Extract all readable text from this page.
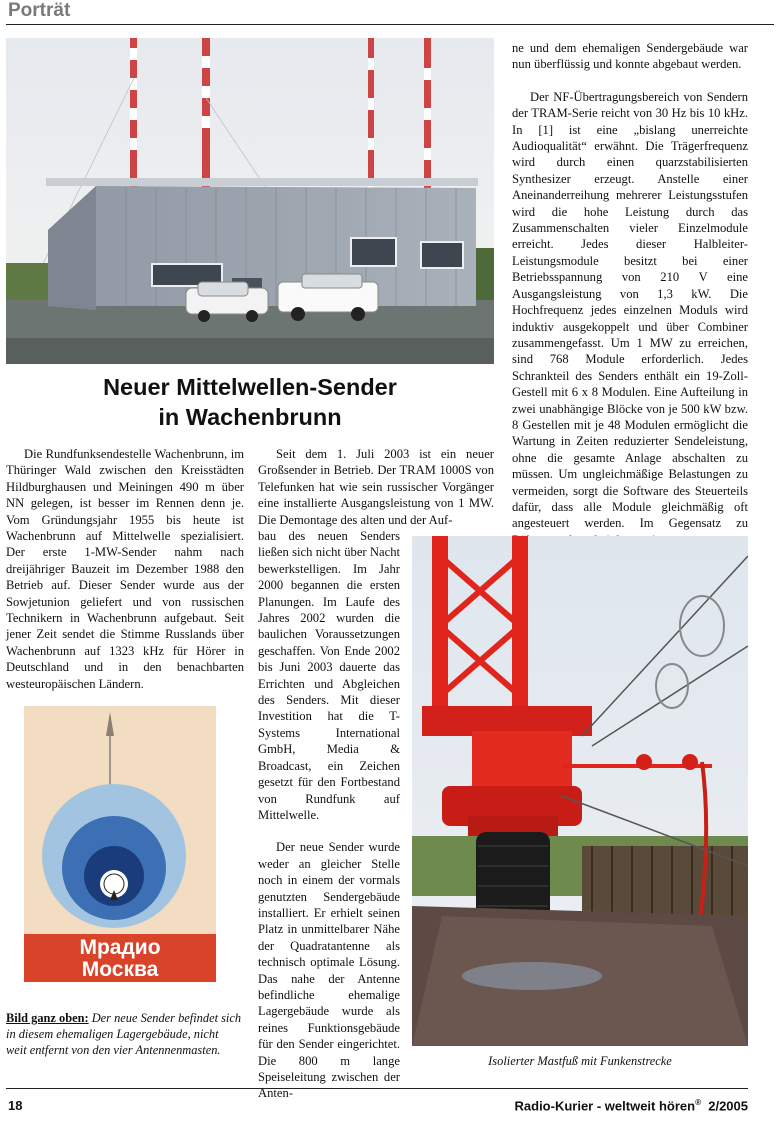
Porträt
Neuer Mittelwellen-Sender
in Wachenbrunn

Die Rundfunksendestelle Wachenbrunn, im Thüringer Wald zwischen den Kreisstädten Hildburghausen und Meiningen 490 m über NN gelegen, ist besser im Rennen denn je. Vom Gründungsjahr 1955 bis heute ist Wachenbrunn auf Mittelwelle spezialisiert. Der erste 1-MW-Sender nahm nach dreijähriger Bauzeit im Dezember 1988 den Betrieb auf. Dieser Sender wurde aus der Sowjetunion geliefert und von russischen Technikern in Wachenbrunn aufgebaut. Seit jener Zeit sendet die Stimme Russlands über Wachenbrunn auf 1323 kHz für Hörer in Deutschland und in den benachbarten westeuropäischen Ländern.

Mрадио
Mосква
Bild ganz oben: Der neue Sender befindet sich in diesem ehemaligen Lagergebäude, nicht weit entfernt von den vier Antennenmasten.

Seit dem 1. Juli 2003 ist ein neuer Großsender in Betrieb. Der TRAM 1000S von Telefunken hat wie sein russischer Vorgänger eine installierte Ausgangsleistung von 1 MW. Die Demontage des alten und der Auf-

bau des neuen Senders ließen sich nicht über Nacht bewerkstelligen. Im Jahr 2000 begannen die ersten Planungen. Im Laufe des Jahres 2002 wurden die baulichen Voraussetzungen geschaffen. Von Ende 2002 bis Juni 2003 dauerte das Errichten und Abgleichen des Senders. Mit dieser Investition hat die T-Systems International GmbH, Media & Broadcast, ein Zeichen gesetzt für den Fortbestand von Rundfunk auf Mittelwelle.

Der neue Sender wurde weder an gleicher Stelle noch in einem der vormals genutzten Sendergebäude installiert. Er erhielt seinen Platz in unmittelbarer Nähe der Quadratantenne als technisch optimale Lösung. Das nahe der Antenne befindliche ehemalige Lagergebäude wurde als reines Funktionsgebäude für den Sender eingerichtet. Die 800 m lange Speiseleitung zwischen der Anten-

ne und dem ehemaligen Sendergebäude war nun überflüssig und konnte abgebaut werden.

Der NF-Übertragungsbereich von Sendern der TRAM-Serie reicht von 30 Hz bis 10 kHz. In [1] ist eine „bislang unerreichte Audioqualität“ erwähnt. Die Trägerfrequenz wird durch einen quarzstabilisierten Synthesizer erzeugt. Anstelle einer Aneinanderreihung mehrerer Leistungsstufen wird die hohe Leistung durch das Zusammenschalten vieler Einzelmodule erreicht. Jedes dieser Halbleiter-Leistungsmodule besitzt bei einer Betriebsspannung von 210 V eine Ausgangsleistung von 1,3 kW. Die Hochfrequenz jedes einzelnen Moduls wird induktiv ausgekoppelt und über Combiner zusammengefasst. Um 1 MW zu erreichen, sind 768 Module erforderlich. Jedes Schrankteil des Senders enthält ein 19-Zoll-Gestell mit 6 x 8 Modulen. Eine Aufteilung in zwei unabhängige Blöcke von je 500 kW bzw. 8 Gestellen mit je 48 Modulen ermöglicht die Wartung in Zeiten reduzierter Sendeleistung, ohne die gesamte Anlage abschalten zu müssen. Um ungleichmäßige Belastungen zu vermeiden, sorgt die Software des Steuerteils dafür, dass alle Module gleichmäßig oft angesteuert werden. Im Gegensatz zu

Isolierter Mastfuß mit Funkenstrecke
18	Radio-Kurier - weltweit hören® 2/2005
